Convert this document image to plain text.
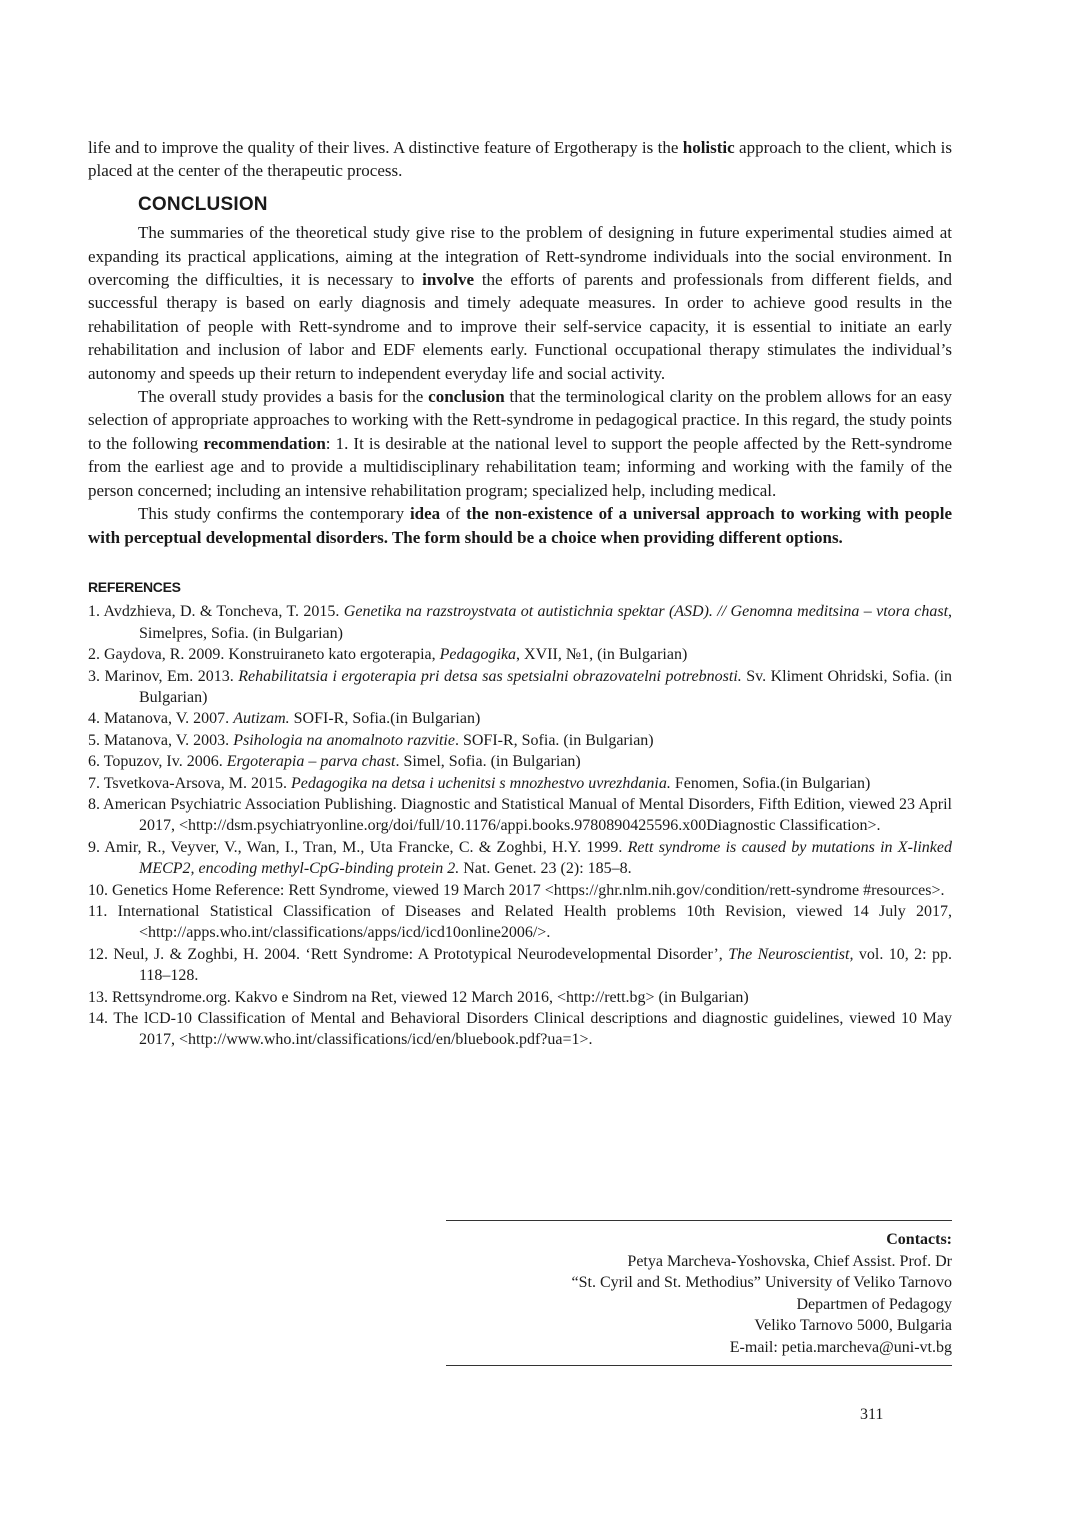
life and to improve the quality of their lives. A distinctive feature of Ergotherapy is the holistic approach to the client, which is placed at the center of the therapeutic process.

CONCLUSION

The summaries of the theoretical study give rise to the problem of designing in future experimental studies aimed at expanding its practical applications, aiming at the integration of Rett-syndrome individuals into the social environment. In overcoming the difficulties, it is necessary to involve the efforts of parents and professionals from different fields, and successful therapy is based on early diagnosis and timely adequate measures. In order to achieve good results in the rehabilitation of people with Rett-syndrome and to improve their self-service capacity, it is essential to initiate an early rehabilitation and inclusion of labor and EDF elements early. Functional occupational therapy stimulates the individual’s autonomy and speeds up their return to independent everyday life and social activity.

The overall study provides a basis for the conclusion that the terminological clarity on the problem allows for an easy selection of appropriate approaches to working with the Rett-syndrome in pedagogical practice. In this regard, the study points to the following recommendation: 1. It is desirable at the national level to support the people affected by the Rett-syndrome from the earliest age and to provide a multidisciplinary rehabilitation team; informing and working with the family of the person concerned; including an intensive rehabilitation program; specialized help, including medical.

This study confirms the contemporary idea of the non-existence of a universal approach to working with people with perceptual developmental disorders. The form should be a choice when providing different options.

REFERENCES
1. Avdzhieva, D. & Toncheva, T. 2015. Genetika na razstroystvata ot autistichnia spektar (ASD). // Genomna meditsina – vtora chast, Simelpres, Sofia. (in Bulgarian)
2. Gaydova, R. 2009. Konstruiraneto kato ergoterapia, Pedagogika, XVII, №1, (in Bulgarian)
3. Marinov, Em. 2013. Rehabilitatsia i ergoterapia pri detsa sas spetsialni obrazovatelni potrebnosti. Sv. Kliment Ohridski, Sofia. (in Bulgarian)
4. Matanova, V. 2007. Autizam. SOFI-R, Sofia.(in Bulgarian)
5. Matanova, V. 2003. Psihologia na anomalnoto razvitie. SOFI-R, Sofia. (in Bulgarian)
6. Topuzov, Iv. 2006. Ergoterapia – parva chast. Simel, Sofia. (in Bulgarian)
7. Tsvetkova-Arsova, M. 2015. Pedagogika na detsa i uchenitsi s mnozhestvo uvrezhdania. Fenomen, Sofia.(in Bulgarian)
8. American Psychiatric Association Publishing. Diagnostic and Statistical Manual of Mental Disorders, Fifth Edition, viewed 23 April 2017, <http://dsm.psychiatryonline.org/doi/full/10.1176/appi.books.9780890425596.x00Diagnostic Classification>.
9. Amir, R., Veyver, V., Wan, I., Tran, M., Uta Francke, C. & Zoghbi, H.Y. 1999. Rett syndrome is caused by mutations in X-linked MECP2, encoding methyl-CpG-binding protein 2. Nat. Genet. 23 (2): 185–8.
10. Genetics Home Reference: Rett Syndrome, viewed 19 March 2017 <https://ghr.nlm.nih.gov/condition/rett-syndrome #resources>.
11. International Statistical Classification of Diseases and Related Health problems 10th Revision, viewed 14 July 2017, <http://apps.who.int/classifications/apps/icd/icd10online2006/>.
12. Neul, J. & Zoghbi, H. 2004. ‘Rett Syndrome: A Prototypical Neurodevelopmental Disorder’, The Neuroscientist, vol. 10, 2: pp. 118–128.
13. Rettsyndrome.org. Kakvo e Sindrom na Ret, viewed 12 March 2016, <http://rett.bg> (in Bulgarian)
14. The lCD-10 Classification of Mental and Behavioral Disorders Clinical descriptions and diagnostic guidelines, viewed 10 May 2017, <http://www.who.int/classifications/icd/en/bluebook.pdf?ua=1>.
Contacts:
Petya Marcheva-Yoshovska, Chief Assist. Prof. Dr
“St. Cyril and St. Methodius” University of Veliko Tarnovo
Departmen of Pedagogy
Veliko Tarnovo 5000, Bulgaria
E-mail: petia.marcheva@uni-vt.bg
311
